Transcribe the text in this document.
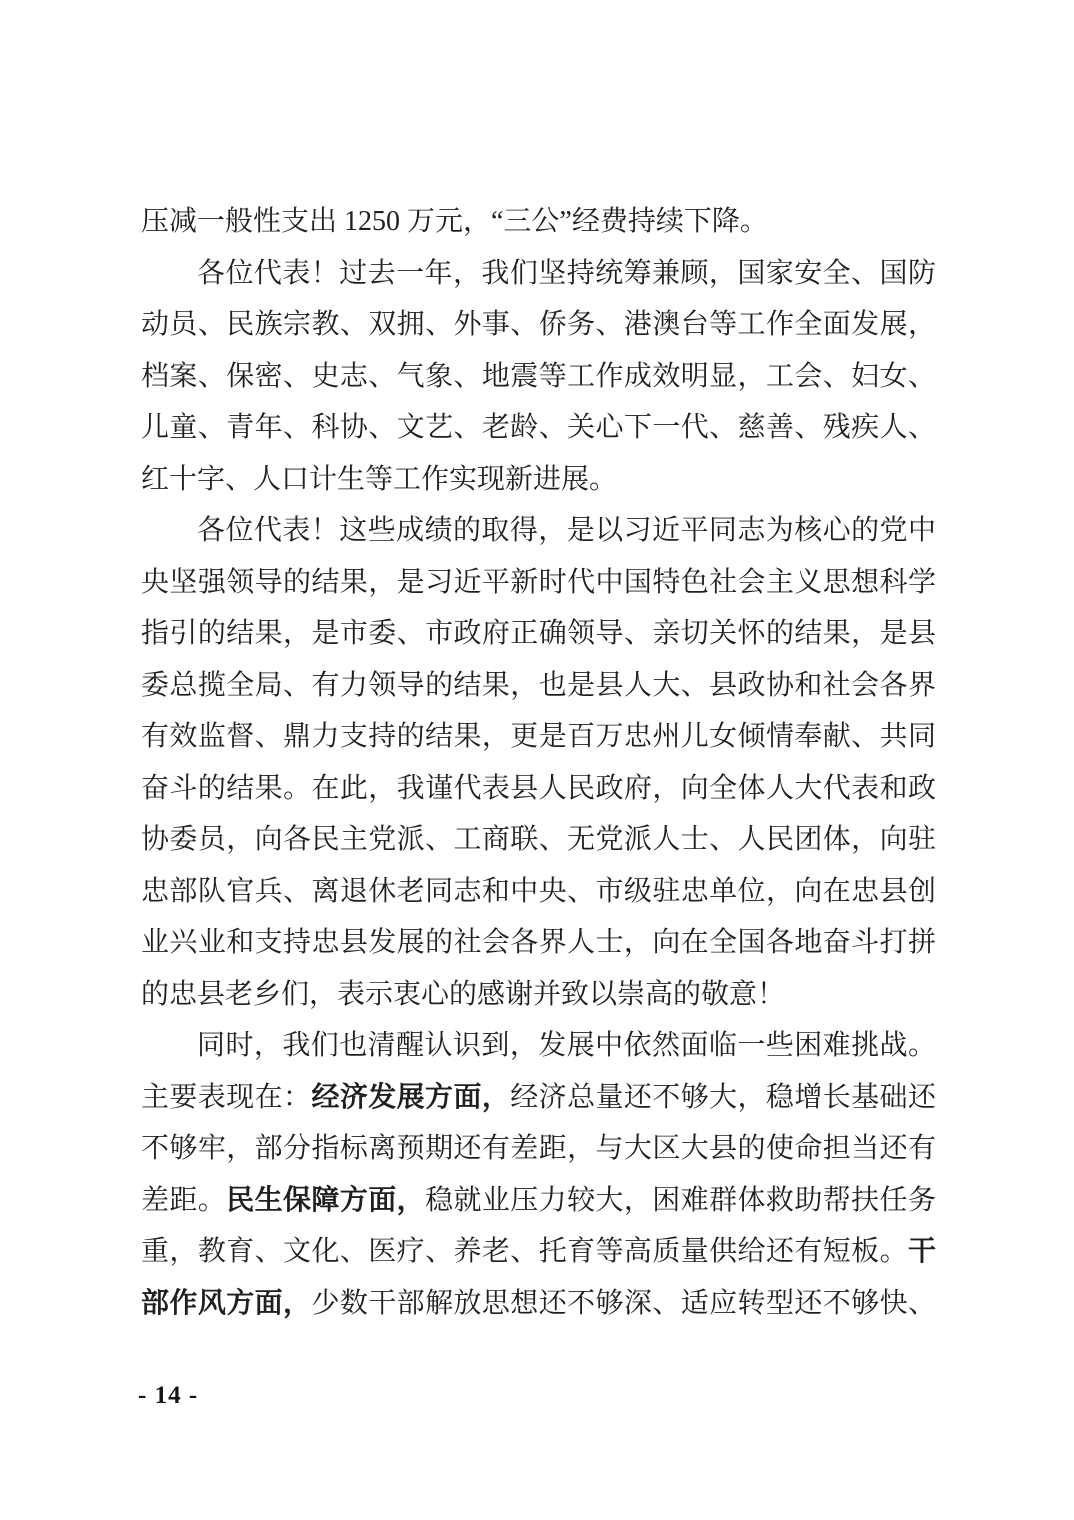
压减一般性支出 1250 万元，“三公”经费持续下降。
各位代表！过去一年，我们坚持统筹兼顾，国家安全、国防
动员、民族宗教、双拥、外事、侨务、港澳台等工作全面发展，
档案、保密、史志、气象、地震等工作成效明显，工会、妇女、
儿童、青年、科协、文艺、老龄、关心下一代、慈善、残疾人、
红十字、人口计生等工作实现新进展。
各位代表！这些成绩的取得，是以习近平同志为核心的党中
央坚强领导的结果，是习近平新时代中国特色社会主义思想科学
指引的结果，是市委、市政府正确领导、亲切关怀的结果，是县
委总揽全局、有力领导的结果，也是县人大、县政协和社会各界
有效监督、鼎力支持的结果，更是百万忠州儿女倾情奉献、共同
奋斗的结果。在此，我谨代表县人民政府，向全体人大代表和政
协委员，向各民主党派、工商联、无党派人士、人民团体，向驻
忠部队官兵、离退休老同志和中央、市级驻忠单位，向在忠县创
业兴业和支持忠县发展的社会各界人士，向在全国各地奋斗打拼
的忠县老乡们，表示衷心的感谢并致以崇高的敬意！
同时，我们也清醒认识到，发展中依然面临一些困难挑战。
主要表现在：经济发展方面，经济总量还不够大，稳增长基础还
不够牢，部分指标离预期还有差距，与大区大县的使命担当还有
差距。民生保障方面，稳就业压力较大，困难群体救助帮扶任务
重，教育、文化、医疗、养老、托育等高质量供给还有短板。干
部作风方面，少数干部解放思想还不够深、适应转型还不够快、
- 14 -
